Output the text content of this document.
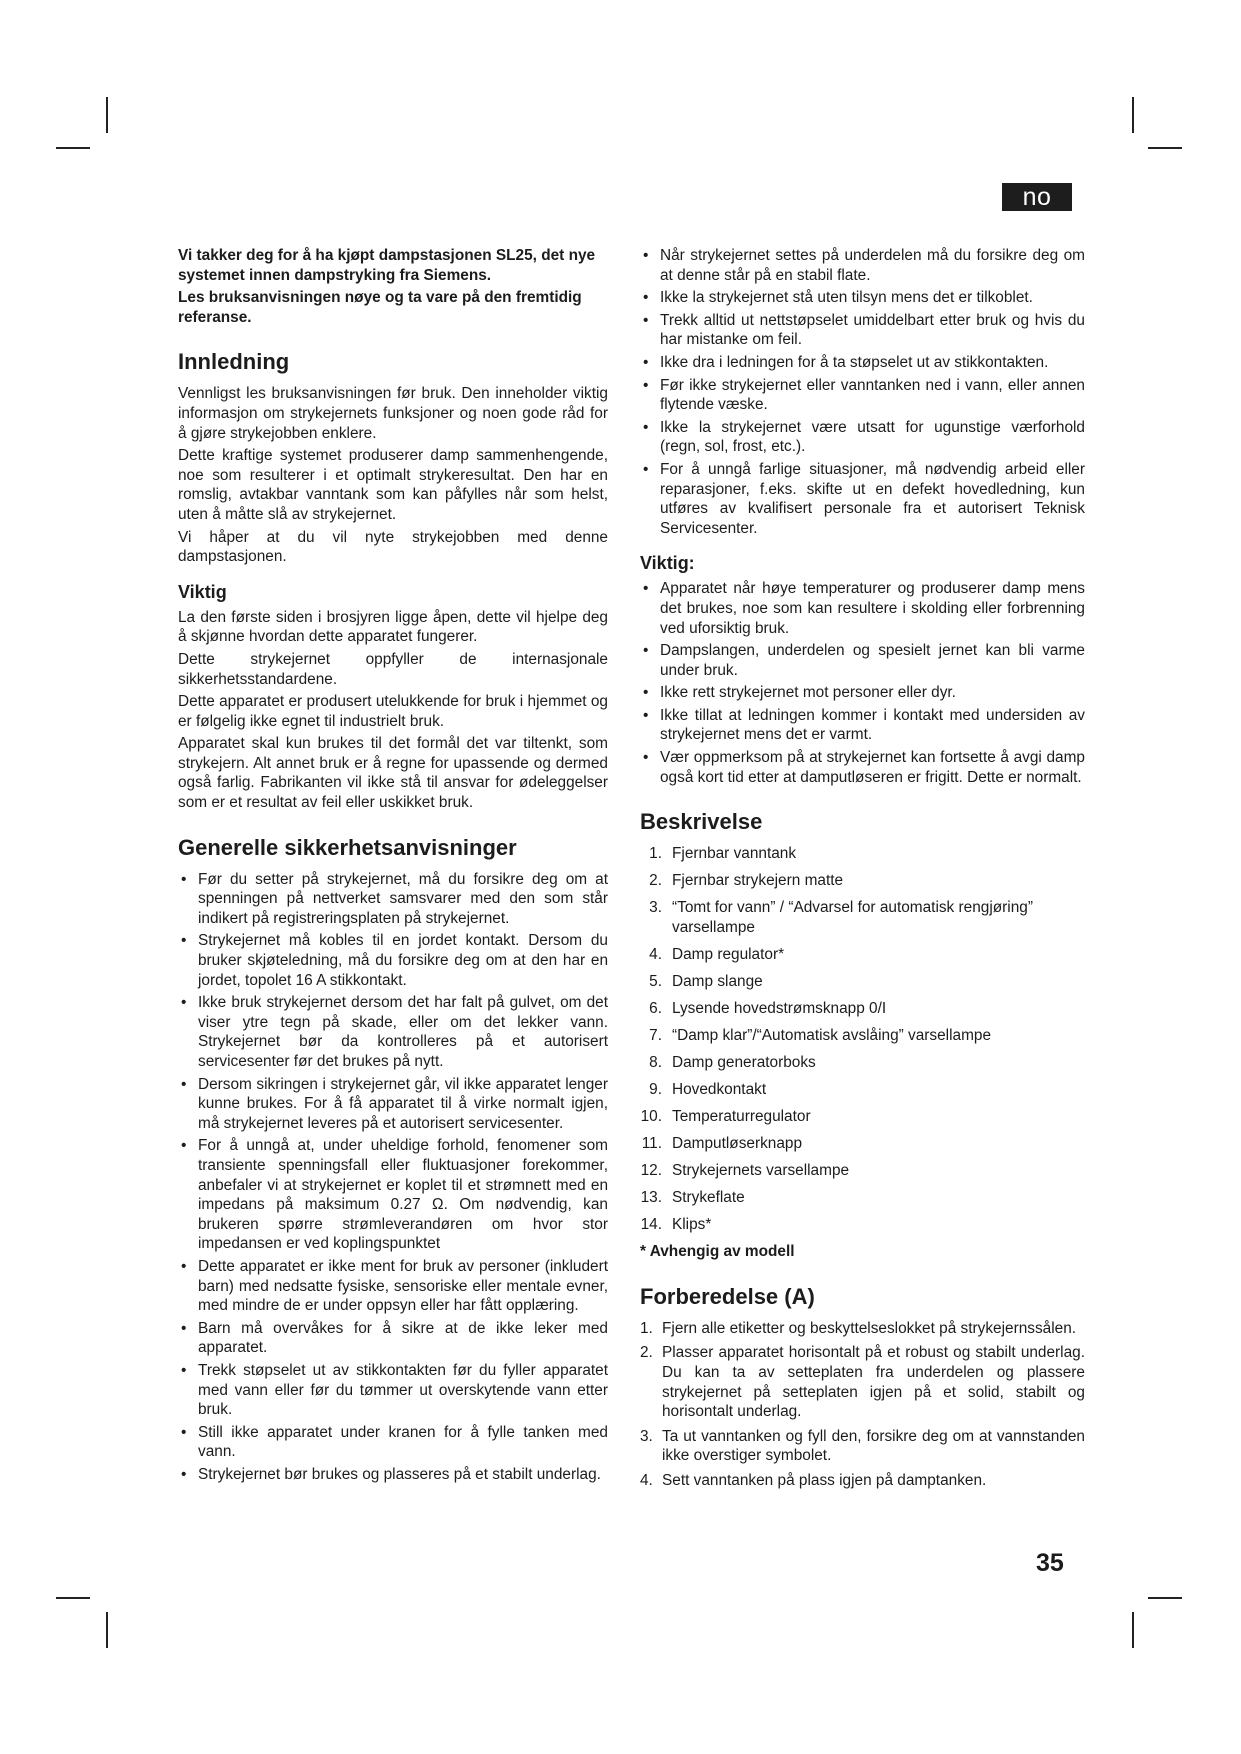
no

Vi takker deg for å ha kjøpt dampstasjonen SL25, det nye systemet innen dampstryking fra Siemens.

Les bruksanvisningen nøye og ta vare på den fremtidig referanse.

Innledning

Vennligst les bruksanvisningen før bruk. Den inneholder viktig informasjon om strykejernets funksjoner og noen gode råd for å gjøre strykejobben enklere.

Dette kraftige systemet produserer damp sammenhengende, noe som resulterer i et optimalt strykeresultat. Den har en romslig, avtakbar vanntank som kan påfylles når som helst, uten å måtte slå av strykejernet.

Vi håper at du vil nyte strykejobben med denne dampstasjonen.

Viktig

La den første siden i brosjyren ligge åpen, dette vil hjelpe deg å skjønne hvordan dette apparatet fungerer.

Dette strykejernet oppfyller de internasjonale sikkerhetsstandardene.

Dette apparatet er produsert utelukkende for bruk i hjemmet og er følgelig ikke egnet til industrielt bruk.

Apparatet skal kun brukes til det formål det var tiltenkt, som strykejern. Alt annet bruk er å regne for upassende og dermed også farlig. Fabrikanten vil ikke stå til ansvar for ødeleggelser som er et resultat av feil eller uskikket bruk.

Generelle sikkerhetsanvisninger
• Før du setter på strykejernet, må du forsikre deg om at spenningen på nettverket samsvarer med den som står indikert på registreringsplaten på strykejernet.
• Strykejernet må kobles til en jordet kontakt. Dersom du bruker skjøteledning, må du forsikre deg om at den har en jordet, topolet 16 A stikkontakt.
• Ikke bruk strykejernet dersom det har falt på gulvet, om det viser ytre tegn på skade, eller om det lekker vann. Strykejernet bør da kontrolleres på et autorisert servicesenter før det brukes på nytt.
• Dersom sikringen i strykejernet går, vil ikke apparatet lenger kunne brukes. For å få apparatet til å virke normalt igjen, må strykejernet leveres på et autorisert servicesenter.
• For å unngå at, under uheldige forhold, fenomener som transiente spenningsfall eller fluktuasjoner forekommer, anbefaler vi at strykejernet er koplet til et strømnett med en impedans på maksimum 0.27 Ω. Om nødvendig, kan brukeren spørre strømleverandøren om hvor stor impedansen er ved koplingspunktet
• Dette apparatet er ikke ment for bruk av personer (inkludert barn) med nedsatte fysiske, sensoriske eller mentale evner, med mindre de er under oppsyn eller har fått opplæring.
• Barn må overvåkes for å sikre at de ikke leker med apparatet.
• Trekk støpselet ut av stikkontakten før du fyller apparatet med vann eller før du tømmer ut overskytende vann etter bruk.
• Still ikke apparatet under kranen for å fylle tanken med vann.
• Strykejernet bør brukes og plasseres på et stabilt underlag.
• Når strykejernet settes på underdelen må du forsikre deg om at denne står på en stabil flate.
• Ikke la strykejernet stå uten tilsyn mens det er tilkoblet.
• Trekk alltid ut nettstøpselet umiddelbart etter bruk og hvis du har mistanke om feil.
• Ikke dra i ledningen for å ta støpselet ut av stikkontakten.
• Før ikke strykejernet eller vanntanken ned i vann, eller annen flytende væske.
• Ikke la strykejernet være utsatt for ugunstige værforhold (regn, sol, frost, etc.).
• For å unngå farlige situasjoner, må nødvendig arbeid eller reparasjoner, f.eks. skifte ut en defekt hovedledning, kun utføres av kvalifisert personale fra et autorisert Teknisk Servicesenter.
Viktig:
• Apparatet når høye temperaturer og produserer damp mens det brukes, noe som kan resultere i skolding eller forbrenning ved uforsiktig bruk.
• Dampslangen, underdelen og spesielt jernet kan bli varme under bruk.
• Ikke rett strykejernet mot personer eller dyr.
• Ikke tillat at ledningen kommer i kontakt med undersiden av strykejernet mens det er varmt.
• Vær oppmerksom på at strykejernet kan fortsette å avgi damp også kort tid etter at damputløseren er frigitt. Dette er normalt.
Beskrivelse
1. Fjernbar vanntank
2. Fjernbar strykejern matte
3. “Tomt for vann” / “Advarsel for automatisk rengjøring” varsellampe
4. Damp regulator*
5. Damp slange
6. Lysende hovedstrømsknapp 0/I
7. “Damp klar”/“Automatisk avslåing” varsellampe
8. Damp generatorboks
9. Hovedkontakt
10. Temperaturregulator
11. Damputløserknapp
12. Strykejernets varsellampe
13. Strykeflate
14. Klips*

* Avhengig av modell

Forberedelse (A)
1. Fjern alle etiketter og beskyttelseslokket på strykejernssålen.
2. Plasser apparatet horisontalt på et robust og stabilt underlag. Du kan ta av setteplaten fra underdelen og plassere strykejernet på setteplaten igjen på et solid, stabilt og horisontalt underlag.
3. Ta ut vanntanken og fyll den, forsikre deg om at vannstanden ikke overstiger symbolet.
4. Sett vanntanken på plass igjen på damptanken.
35
